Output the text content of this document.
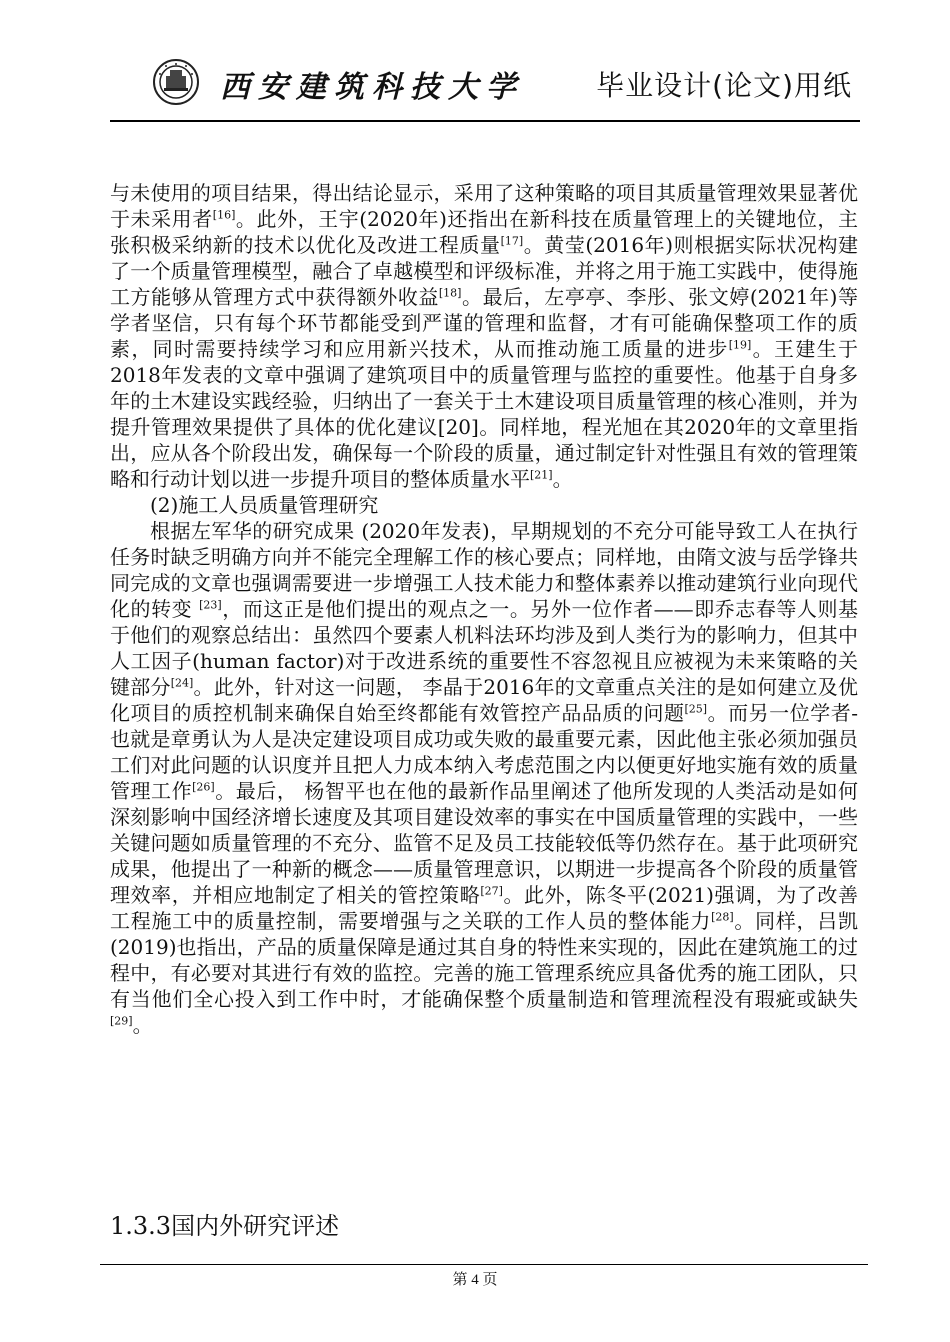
西安建筑科技大学	毕业设计(论文)用纸

与未使用的项目结果，得出结论显示，采用了这种策略的项目其质量管理效果显著优于未采用者[16]。此外，王宇(2020年)还指出在新科技在质量管理上的关键地位，主张积极采纳新的技术以优化及改进工程质量[17]。黄莹(2016年)则根据实际状况构建了一个质量管理模型，融合了卓越模型和评级标准，并将之用于施工实践中，使得施工方能够从管理方式中获得额外收益[18]。最后，左亭亭、李彤、张文婷(2021年)等学者坚信，只有每个环节都能受到严谨的管理和监督，才有可能确保整项工作的质素，同时需要持续学习和应用新兴技术，从而推动施工质量的进步[19]。王建生于2018年发表的文章中强调了建筑项目中的质量管理与监控的重要性。他基于自身多年的土木建设实践经验，归纳出了一套关于土木建设项目质量管理的核心准则，并为提升管理效果提供了具体的优化建议[20]。同样地，程光旭在其2020年的文章里指出，应从各个阶段出发，确保每一个阶段的质量，通过制定针对性强且有效的管理策略和行动计划以进一步提升项目的整体质量水平[21]。

(2)施工人员质量管理研究

根据左军华的研究成果 (2020年发表)，早期规划的不充分可能导致工人在执行任务时缺乏明确方向并不能完全理解工作的核心要点；同样地，由隋文波与岳学锋共同完成的文章也强调需要进一步增强工人技术能力和整体素养以推动建筑行业向现代化的转变 [23]，而这正是他们提出的观点之一。另外一位作者——即乔志春等人则基于他们的观察总结出：虽然四个要素人机料法环均涉及到人类行为的影响力，但其中人工因子(human factor)对于改进系统的重要性不容忽视且应被视为未来策略的关键部分[24]。此外，针对这一问题， 李晶于2016年的文章重点关注的是如何建立及优化项目的质控机制来确保自始至终都能有效管控产品品质的问题[25]。而另一位学者-也就是章勇认为人是决定建设项目成功或失败的最重要元素，因此他主张必须加强员工们对此问题的认识度并且把人力成本纳入考虑范围之内以便更好地实施有效的质量管理工作[26]。最后， 杨智平也在他的最新作品里阐述了他所发现的人类活动是如何深刻影响中国经济增长速度及其项目建设效率的事实在中国质量管理的实践中，一些关键问题如质量管理的不充分、监管不足及员工技能较低等仍然存在。基于此项研究成果，他提出了一种新的概念——质量管理意识，以期进一步提高各个阶段的质量管理效率，并相应地制定了相关的管控策略[27]。此外，陈冬平(2021)强调，为了改善工程施工中的质量控制，需要增强与之关联的工作人员的整体能力[28]。同样，吕凯(2019)也指出，产品的质量保障是通过其自身的特性来实现的，因此在建筑施工的过程中，有必要对其进行有效的监控。完善的施工管理系统应具备优秀的施工团队，只有当他们全心投入到工作中时，才能确保整个质量制造和管理流程没有瑕疵或缺失[29]。

1.3.3国内外研究评述
第 4 页
